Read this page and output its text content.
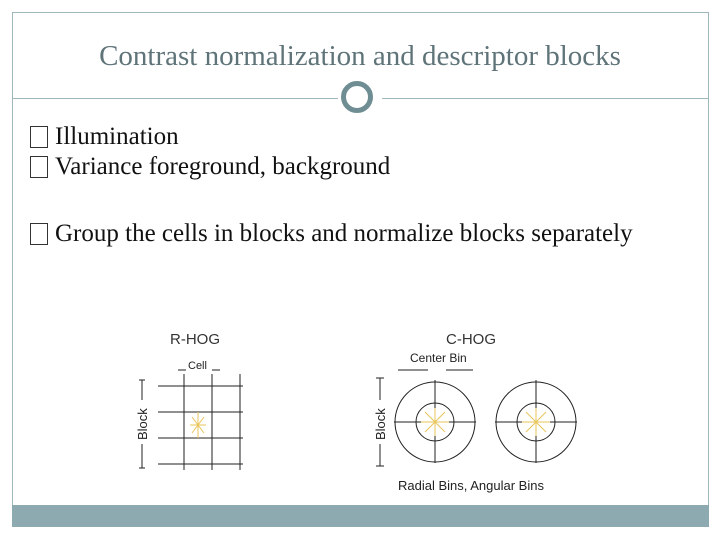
Contrast normalization and descriptor blocks
Illumination
Variance foreground, background
Group the cells in blocks and normalize blocks separately
R-HOG
Cell
Block
C-HOG
Center Bin
Block
Radial Bins, Angular Bins
